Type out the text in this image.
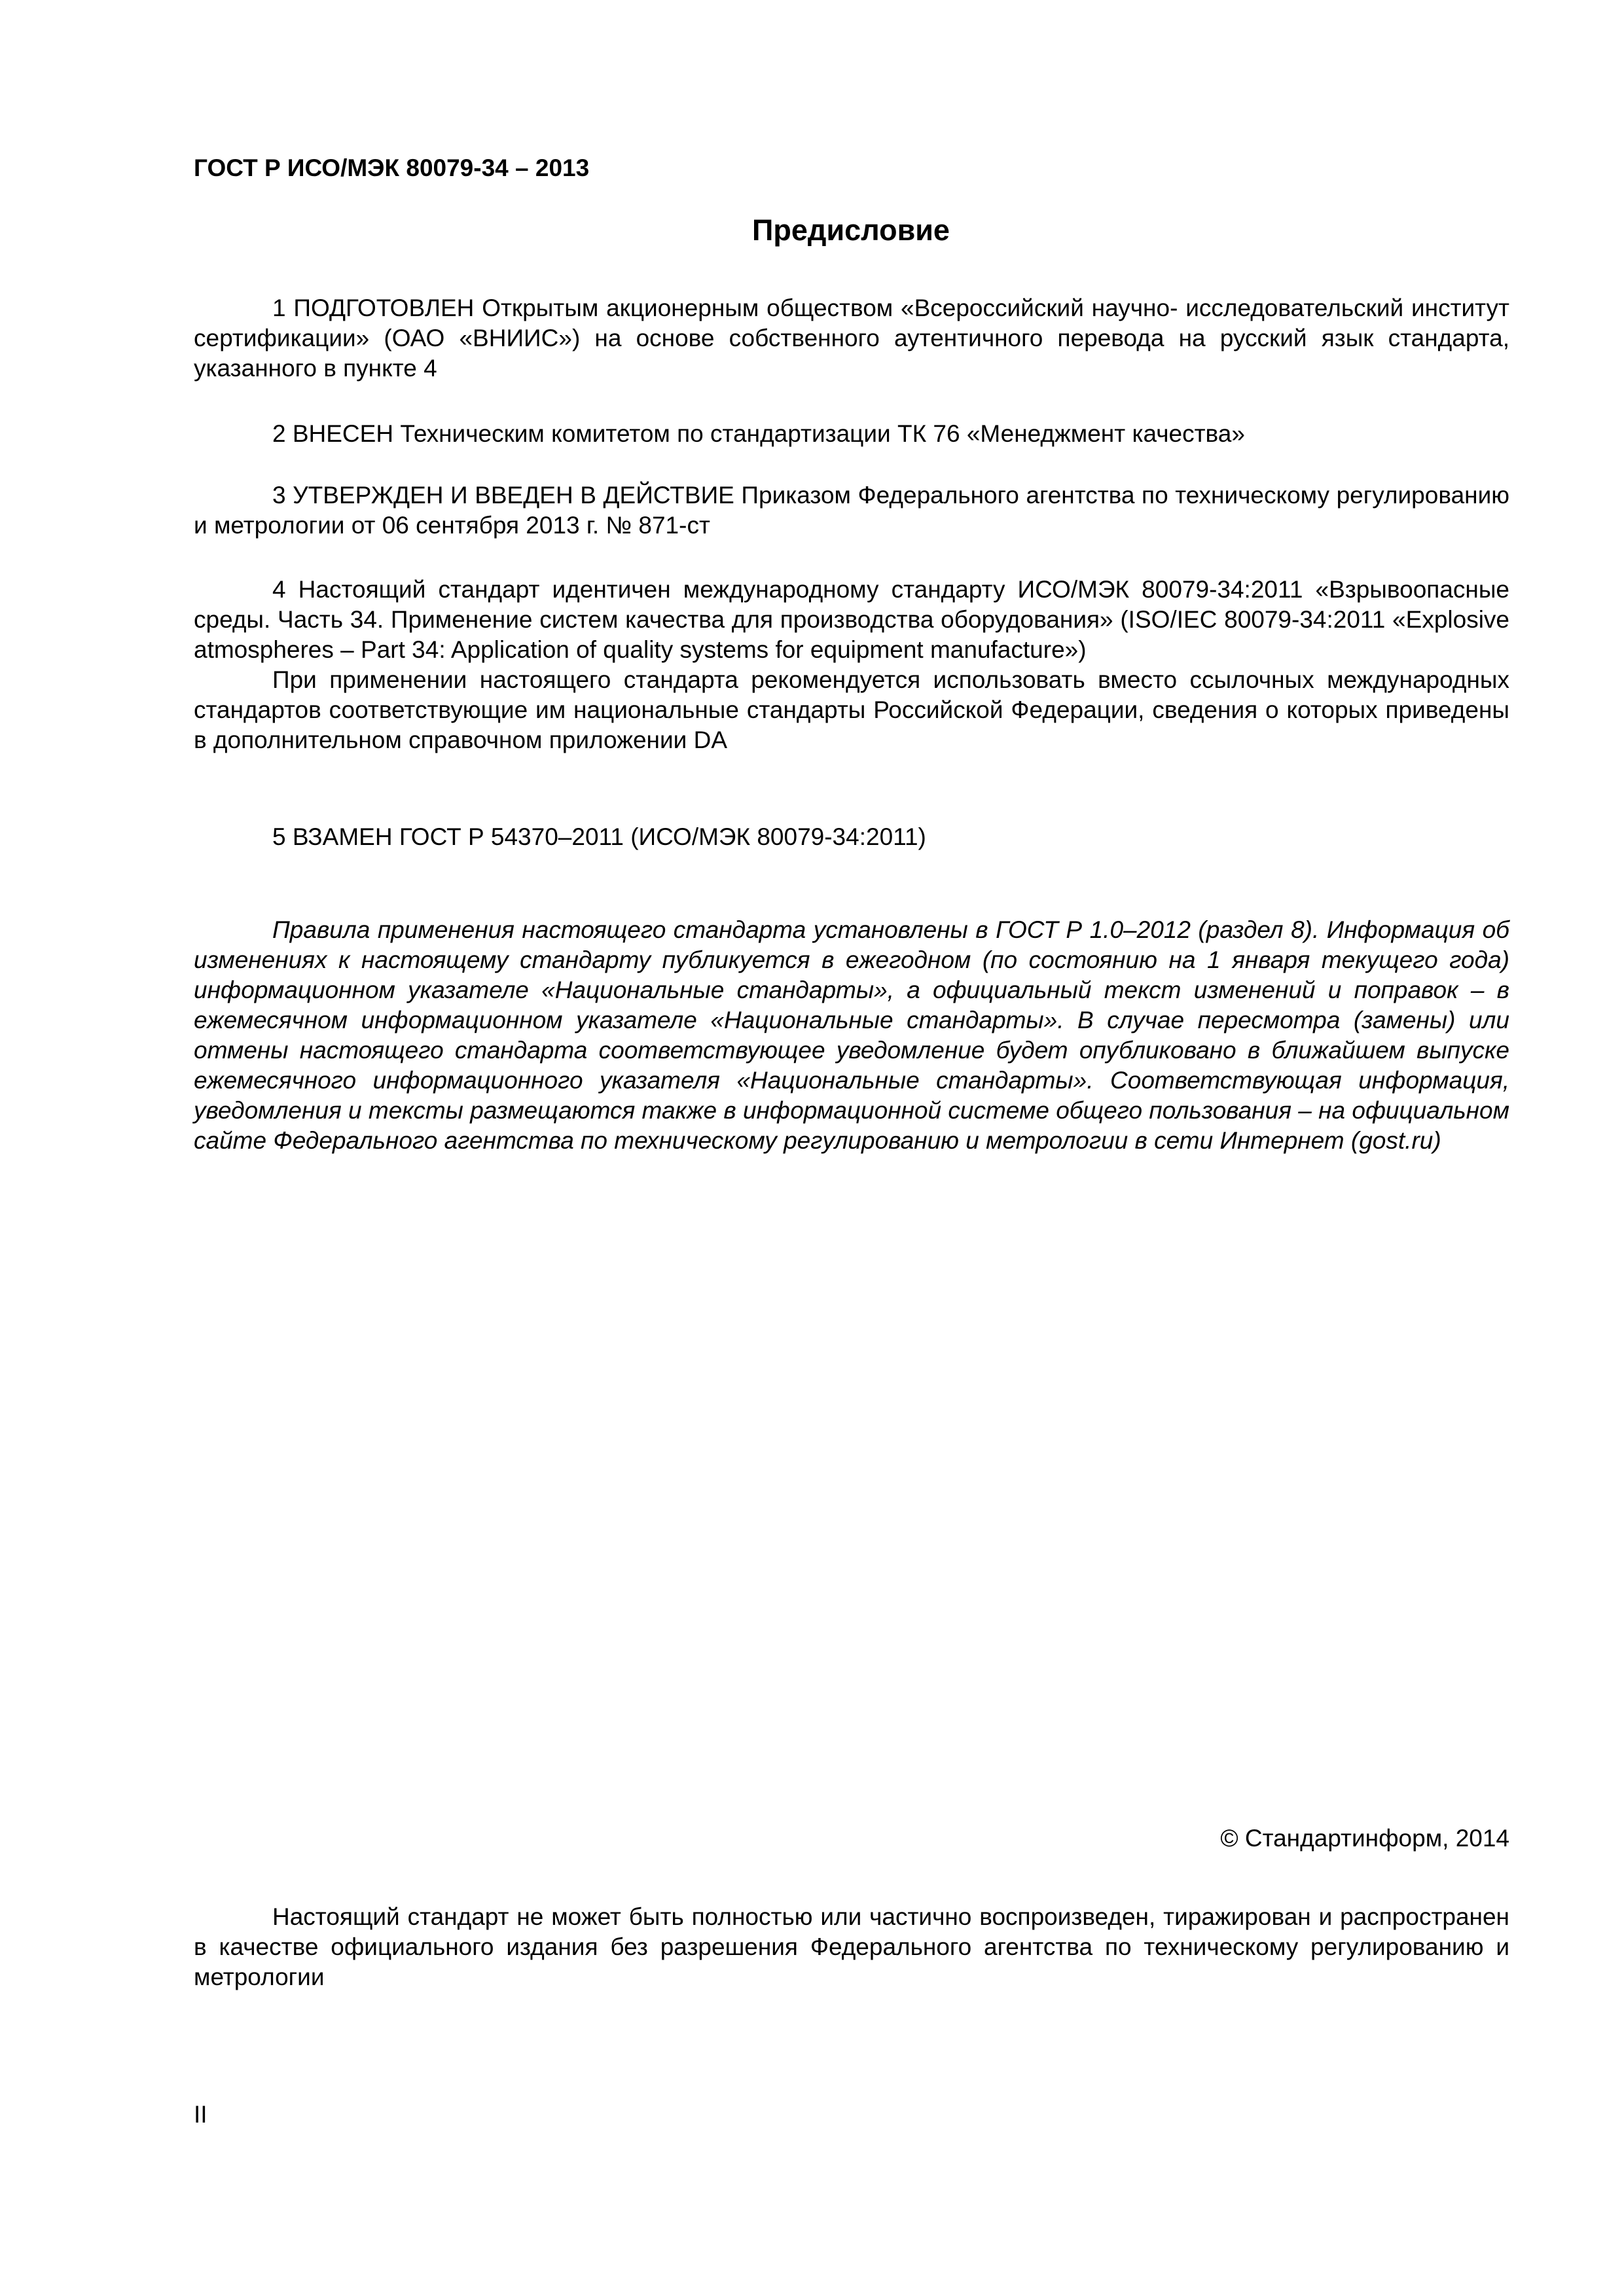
ГОСТ Р ИСО/МЭК 80079-34 – 2013
Предисловие

1 ПОДГОТОВЛЕН Открытым акционерным обществом «Всероссийский научно- исследовательский институт сертификации» (ОАО «ВНИИС») на основе собственного аутентичного перевода на русский язык стандарта, указанного в пункте 4

2 ВНЕСЕН Техническим комитетом по стандартизации ТК 76 «Менеджмент качества»

3 УТВЕРЖДЕН И ВВЕДЕН В ДЕЙСТВИЕ Приказом Федерального агентства по техническому регулированию и метрологии от 06 сентября 2013 г. № 871-ст

4 Настоящий стандарт идентичен международному стандарту ИСО/МЭК 80079-34:2011 «Взрывоопасные среды. Часть 34. Применение систем качества для производства оборудования» (ISO/IEC 80079-34:2011 «Explosive atmospheres – Part 34: Application of quality systems for equipment manufacture»)

При применении настоящего стандарта рекомендуется использовать вместо ссылочных международных стандартов соответствующие им национальные стандарты Российской Федерации, сведения о которых приведены в дополнительном справочном приложении DA

5 ВЗАМЕН ГОСТ Р 54370–2011 (ИСО/МЭК 80079-34:2011)

Правила применения настоящего стандарта установлены в ГОСТ Р 1.0–2012 (раздел 8). Информация об изменениях к настоящему стандарту публикуется в ежегодном (по состоянию на 1 января текущего года) информационном указателе «Национальные стандарты», а официальный текст изменений и поправок – в ежемесячном информационном указателе «Национальные стандарты». В случае пересмотра (замены) или отмены настоящего стандарта соответствующее уведомление будет опубликовано в ближайшем выпуске ежемесячного информационного указателя «Национальные стандарты». Соответствующая информация, уведомления и тексты размещаются также в информационной системе общего пользования – на официальном сайте Федерального агентства по техническому регулированию и метрологии в сети Интернет (gost.ru)

© Стандартинформ, 2014

Настоящий стандарт не может быть полностью или частично воспроизведен, тиражирован и распространен в качестве официального издания без разрешения Федерального агентства по техническому регулированию и метрологии

II
